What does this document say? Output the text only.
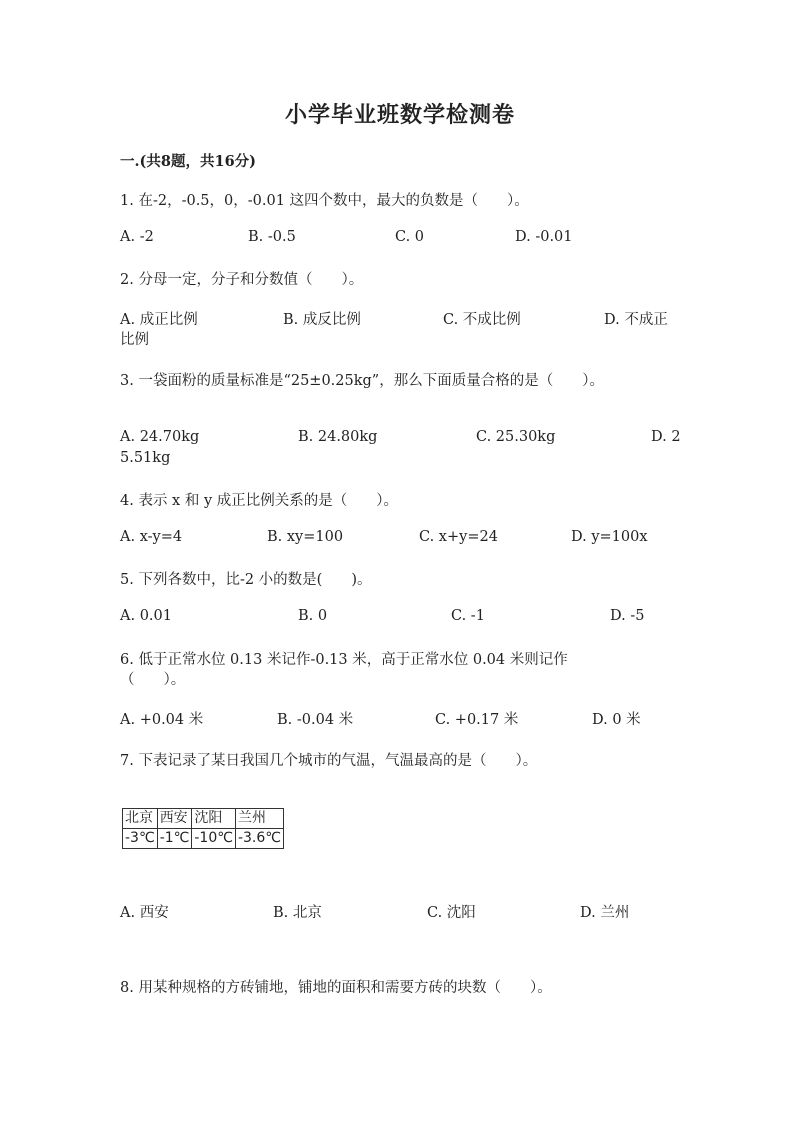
小学毕业班数学检测卷
一.(共8题，共16分)
1. 在-2，-0.5，0，-0.01 这四个数中，最大的负数是（　　）。
A. -2	B. -0.5	C. 0	D. -0.01
2. 分母一定，分子和分数值（　　）。
A. 成正比例	B. 成反比例	C. 不成比例	D. 不成正
比例
3. 一袋面粉的质量标准是“25±0.25kg”，那么下面质量合格的是（　　）。
A. 24.70kg	B. 24.80kg	C. 25.30kg	D. 2
5.51kg
4. 表示 x 和 y 成正比例关系的是（　　）。
A. x-y=4	B. xy=100	C. x+y=24	D. y=100x
5. 下列各数中，比-2 小的数是(　　)。
A. 0.01	B. 0	C. -1	D. -5
6. 低于正常水位 0.13 米记作-0.13 米，高于正常水位 0.04 米则记作
（　　）。
A. +0.04 米	B. -0.04 米	C. +0.17 米	D. 0 米
7. 下表记录了某日我国几个城市的气温，气温最高的是（　　）。
北京	西安	沈阳	兰州
-3℃	-1℃	-10℃	-3.6℃
A. 西安	B. 北京	C. 沈阳	D. 兰州
8. 用某种规格的方砖铺地，铺地的面积和需要方砖的块数（　　）。
